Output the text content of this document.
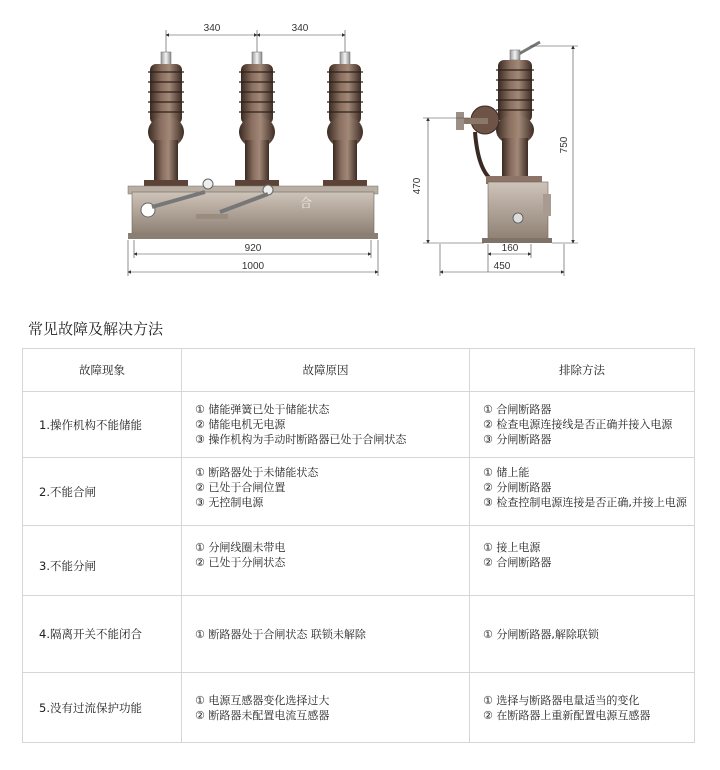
340	340
合
920
1000
470
750
160
450
常见故障及解决方法
故障现象	故障原因	排除方法
1.操作机构不能储能	① 储能弹簧已处于储能状态
② 储能电机无电源
③ 操作机构为手动时断路器已处于合闸状态	① 合闸断路器
② 检查电源连接线是否正确并接入电源
③ 分闸断路器

2.不能合闸	① 断路器处于未储能状态
② 已处于合闸位置
③ 无控制电源	① 储上能
② 分闸断路器
③ 检查控制电源连接是否正确,并接上电源

3.不能分闸	① 分闸线圈未带电
② 已处于分闸状态	① 接上电源
② 合闸断路器

4.隔离开关不能闭合	① 断路器处于合闸状态 联锁未解除	① 分闸断路器,解除联锁

5.没有过流保护功能	① 电源互感器变化选择过大
② 断路器未配置电流互感器	① 选择与断路器电量适当的变化
② 在断路器上重新配置电源互感器
